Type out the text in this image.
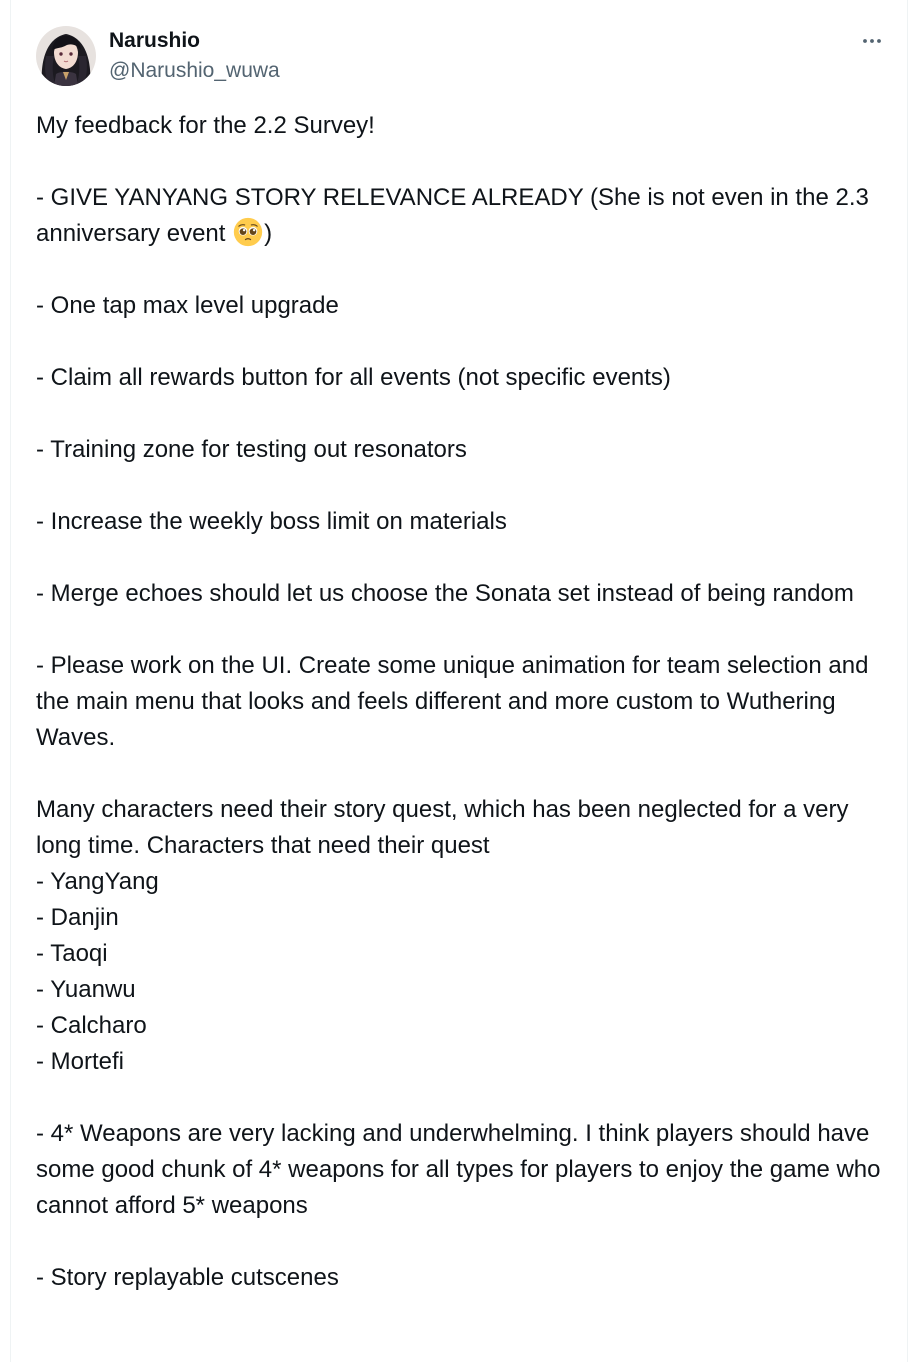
Narushio
@Narushio_wuwa

My feedback for the 2.2 Survey!

- GIVE YANYANG STORY RELEVANCE ALREADY (She is not even in the 2.3 anniversary event )

- One tap max level upgrade

- Claim all rewards button for all events (not specific events)

- Training zone for testing out resonators

- Increase the weekly boss limit on materials

- Merge echoes should let us choose the Sonata set instead of being random

- Please work on the UI. Create some unique animation for team selection and the main menu that looks and feels different and more custom to Wuthering Waves.

Many characters need their story quest, which has been neglected for a very long time. Characters that need their quest

- YangYang

- Danjin

- Taoqi

- Yuanwu

- Calcharo

- Mortefi

- 4* Weapons are very lacking and underwhelming. I think players should have some good chunk of 4* weapons for all types for players to enjoy the game who cannot afford 5* weapons

- Story replayable cutscenes
